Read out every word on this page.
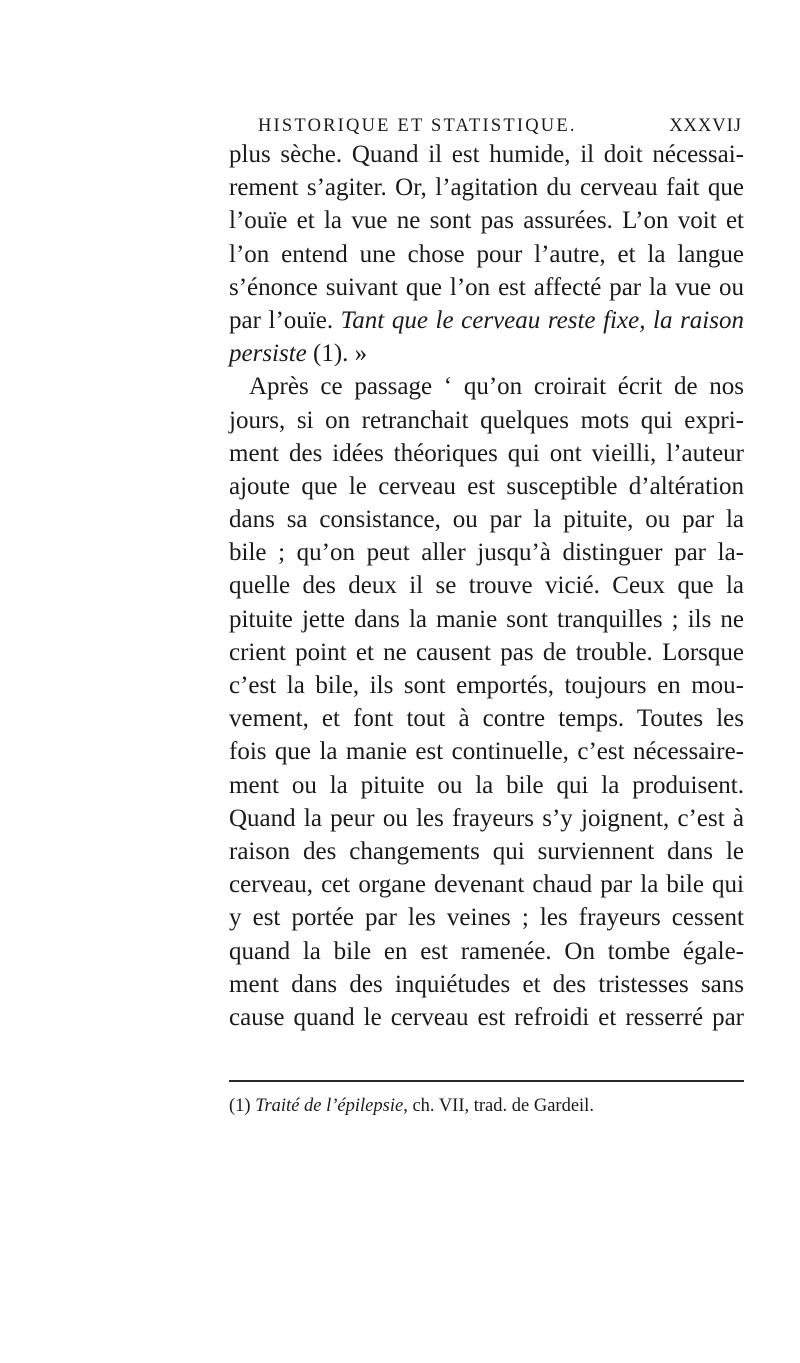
HISTORIQUE ET STATISTIQUE.	XXXVIJ
plus sèche. Quand il est humide, il doit nécessai-
rement s’agiter. Or, l’agitation du cerveau fait que
l’ouïe et la vue ne sont pas assurées. L’on voit et
l’on entend une chose pour l’autre, et la langue
s’énonce suivant que l’on est affecté par la vue ou
par l’ouïe. Tant que le cerveau reste fixe, la raison
persiste (1). »
Après ce passage ‘ qu’on croirait écrit de nos
jours, si on retranchait quelques mots qui expri-
ment des idées théoriques qui ont vieilli, l’auteur
ajoute que le cerveau est susceptible d’altération
dans sa consistance, ou par la pituite, ou par la
bile ; qu’on peut aller jusqu’à distinguer par la-
quelle des deux il se trouve vicié. Ceux que la
pituite jette dans la manie sont tranquilles ; ils ne
crient point et ne causent pas de trouble. Lorsque
c’est la bile, ils sont emportés, toujours en mou-
vement, et font tout à contre temps. Toutes les
fois que la manie est continuelle, c’est nécessaire-
ment ou la pituite ou la bile qui la produisent.
Quand la peur ou les frayeurs s’y joignent, c’est à
raison des changements qui surviennent dans le
cerveau, cet organe devenant chaud par la bile qui
y est portée par les veines ; les frayeurs cessent
quand la bile en est ramenée. On tombe égale-
ment dans des inquiétudes et des tristesses sans
cause quand le cerveau est refroidi et resserré par
(1) Traité de l’épilepsie, ch. VII, trad. de Gardeil.
